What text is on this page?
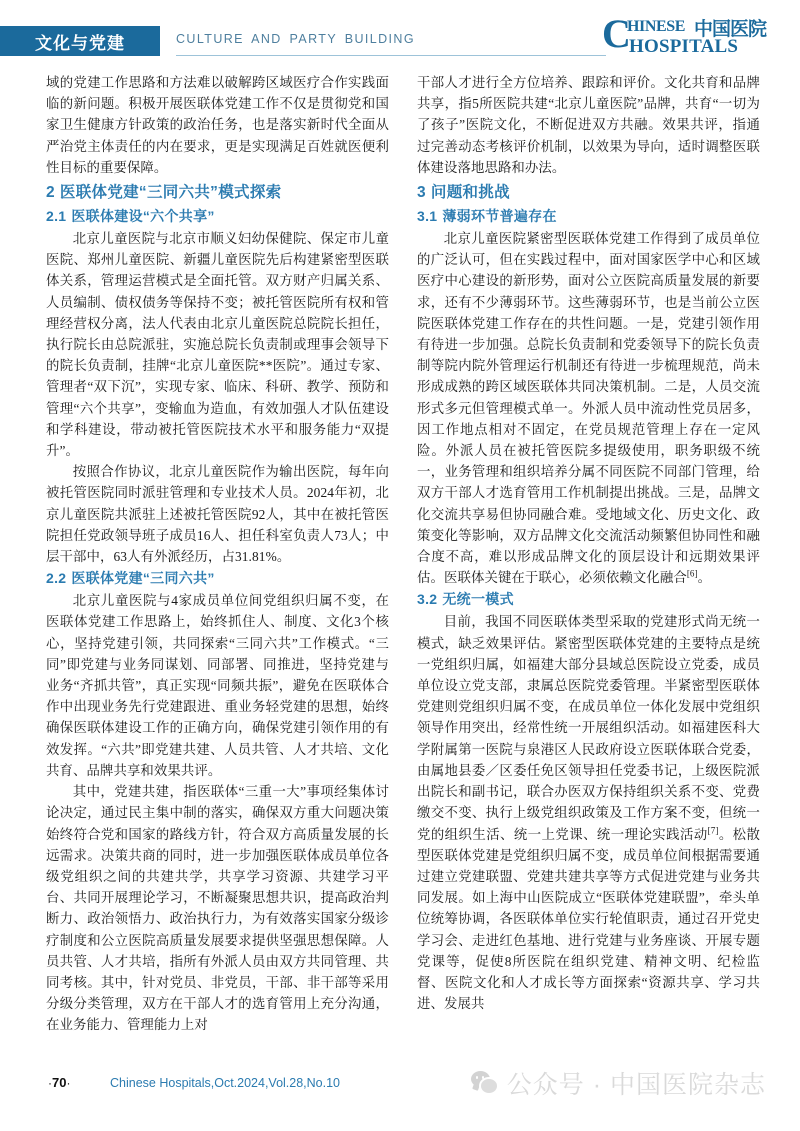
文化与党建	CULTURE AND PARTY BUILDING	C
HINESE 中国医院
HOSPITALS

域的党建工作思路和方法难以破解跨区域医疗合作实践面临的新问题。积极开展医联体党建工作不仅是贯彻党和国家卫生健康方针政策的政治任务，也是落实新时代全面从严治党主体责任的内在要求，更是实现满足百姓就医便利性目标的重要保障。

2 医联体党建“三同六共”模式探索
2.1 医联体建设“六个共享”

北京儿童医院与北京市顺义妇幼保健院、保定市儿童医院、郑州儿童医院、新疆儿童医院先后构建紧密型医联体关系，管理运营模式是全面托管。双方财产归属关系、人员编制、债权债务等保持不变；被托管医院所有权和管理经营权分离，法人代表由北京儿童医院总院院长担任，执行院长由总院派驻，实施总院长负责制或理事会领导下的院长负责制，挂牌“北京儿童医院**医院”。通过专家、管理者“双下沉”，实现专家、临床、科研、教学、预防和管理“六个共享”，变输血为造血，有效加强人才队伍建设和学科建设，带动被托管医院技术水平和服务能力“双提升”。

按照合作协议，北京儿童医院作为输出医院，每年向被托管医院同时派驻管理和专业技术人员。2024年初，北京儿童医院共派驻上述被托管医院92人，其中在被托管医院担任党政领导班子成员16人、担任科室负责人73人；中层干部中，63人有外派经历，占31.81%。

2.2 医联体党建“三同六共”

北京儿童医院与4家成员单位间党组织归属不变，在医联体党建工作思路上，始终抓住人、制度、文化3个核心，坚持党建引领，共同探索“三同六共”工作模式。“三同”即党建与业务同谋划、同部署、同推进，坚持党建与业务“齐抓共管”，真正实现“同频共振”，避免在医联体合作中出现业务先行党建跟进、重业务轻党建的思想，始终确保医联体建设工作的正确方向，确保党建引领作用的有效发挥。“六共”即党建共建、人员共管、人才共培、文化共育、品牌共享和效果共评。

其中，党建共建，指医联体“三重一大”事项经集体讨论决定，通过民主集中制的落实，确保双方重大问题决策始终符合党和国家的路线方针，符合双方高质量发展的长远需求。决策共商的同时，进一步加强医联体成员单位各级党组织之间的共建共学，共享学习资源、共建学习平台、共同开展理论学习，不断凝聚思想共识，提高政治判断力、政治领悟力、政治执行力，为有效落实国家分级诊疗制度和公立医院高质量发展要求提供坚强思想保障。人员共管、人才共培，指所有外派人员由双方共同管理、共同考核。其中，针对党员、非党员，干部、非干部等采用分级分类管理，双方在干部人才的选育管用上充分沟通，在业务能力、管理能力上对

干部人才进行全方位培养、跟踪和评价。文化共育和品牌共享，指5所医院共建“北京儿童医院”品牌，共育“一切为了孩子”医院文化，不断促进双方共融。效果共评，指通过完善动态考核评价机制，以效果为导向，适时调整医联体建设落地思路和办法。

3 问题和挑战
3.1 薄弱环节普遍存在

北京儿童医院紧密型医联体党建工作得到了成员单位的广泛认可，但在实践过程中，面对国家医学中心和区域医疗中心建设的新形势，面对公立医院高质量发展的新要求，还有不少薄弱环节。这些薄弱环节，也是当前公立医院医联体党建工作存在的共性问题。一是，党建引领作用有待进一步加强。总院长负责制和党委领导下的院长负责制等院内院外管理运行机制还有待进一步梳理规范，尚未形成成熟的跨区域医联体共同决策机制。二是，人员交流形式多元但管理模式单一。外派人员中流动性党员居多，因工作地点相对不固定，在党员规范管理上存在一定风险。外派人员在被托管医院多提级使用，职务职级不统一，业务管理和组织培养分属不同医院不同部门管理，给双方干部人才选育管用工作机制提出挑战。三是，品牌文化交流共享易但协同融合难。受地域文化、历史文化、政策变化等影响，双方品牌文化交流活动频繁但协同性和融合度不高，难以形成品牌文化的顶层设计和远期效果评估。医联体关键在于联心，必须依赖文化融合[6]。

3.2 无统一模式

目前，我国不同医联体类型采取的党建形式尚无统一模式，缺乏效果评估。紧密型医联体党建的主要特点是统一党组织归属，如福建大部分县域总医院设立党委，成员单位设立党支部，隶属总医院党委管理。半紧密型医联体党建则党组织归属不变，在成员单位一体化发展中党组织领导作用突出，经常性统一开展组织活动。如福建医科大学附属第一医院与泉港区人民政府设立医联体联合党委，由属地县委／区委任免区领导担任党委书记，上级医院派出院长和副书记，联合办医双方保持组织关系不变、党费缴交不变、执行上级党组织政策及工作方案不变，但统一党的组织生活、统一上党课、统一理论实践活动[7]。松散型医联体党建是党组织归属不变，成员单位间根据需要通过建立党建联盟、党建共建共享等方式促进党建与业务共同发展。如上海中山医院成立“医联体党建联盟”，牵头单位统筹协调，各医联体单位实行轮值职责，通过召开党史学习会、走进红色基地、进行党建与业务座谈、开展专题党课等，促使8所医院在组织党建、精神文明、纪检监督、医院文化和人才成长等方面探索“资源共享、学习共进、发展共

·70·	Chinese Hospitals,Oct.2024,Vol.28,No.10	公众号 · 中国医院杂志
